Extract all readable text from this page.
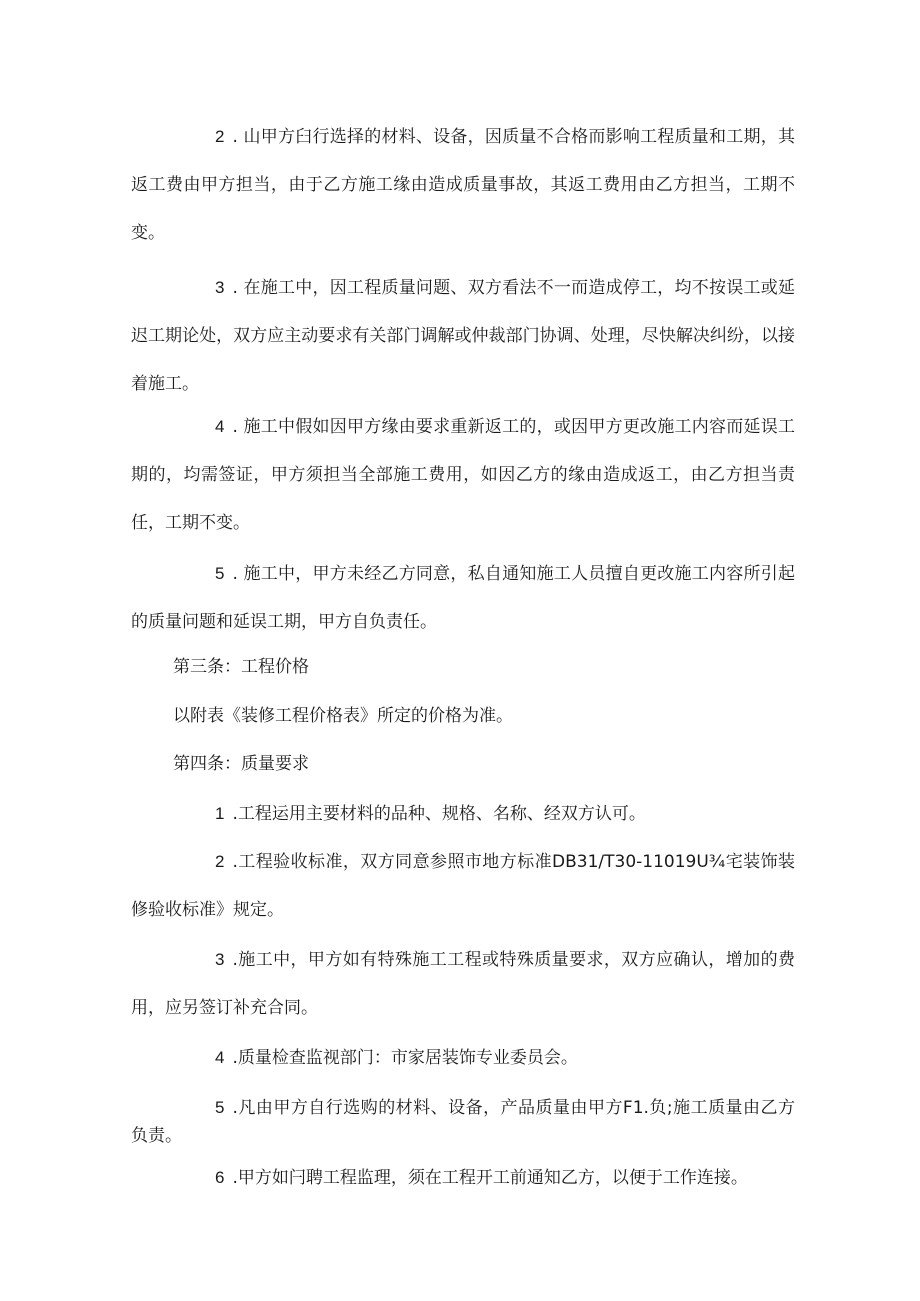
2 . 山甲方臼行选择的材料、设备，因质量不合格而影响工程质量和工期，其返工费由甲方担当，由于乙方施工缘由造成质量事故，其返工费用由乙方担当，工期不变。

3 . 在施工中，因工程质量问题、双方看法不一而造成停工，均不按误工或延迟工期论处，双方应主动要求有关部门调解或仲裁部门协调、处理，尽快解决纠纷，以接着施工。

4 . 施工中假如因甲方缘由要求重新返工的，或因甲方更改施工内容而延误工期的，均需签证，甲方须担当全部施工费用，如因乙方的缘由造成返工，由乙方担当责任，工期不变。

5 . 施工中，甲方未经乙方同意，私自通知施工人员擅自更改施工内容所引起的质量问题和延误工期，甲方自负责任。

第三条：工程价格

以附表《装修工程价格表》所定的价格为准。

第四条：质量要求

1 .工程运用主要材料的品种、规格、名称、经双方认可。

2 .工程验收标准，双方同意参照市地方标准DB31∕T30-11019U¾宅装饰装修验收标准》规定。

3 .施工中，甲方如有特殊施工工程或特殊质量要求，双方应确认，增加的费用，应另签订补充合同。

4 .质量检查监视部门：市家居装饰专业委员会。

5 .凡由甲方自行选购的材料、设备，产品质量由甲方F1.负;施工质量由乙方负责。

6 .甲方如闩聘工程监理，须在工程开工前通知乙方，以便于工作连接。
